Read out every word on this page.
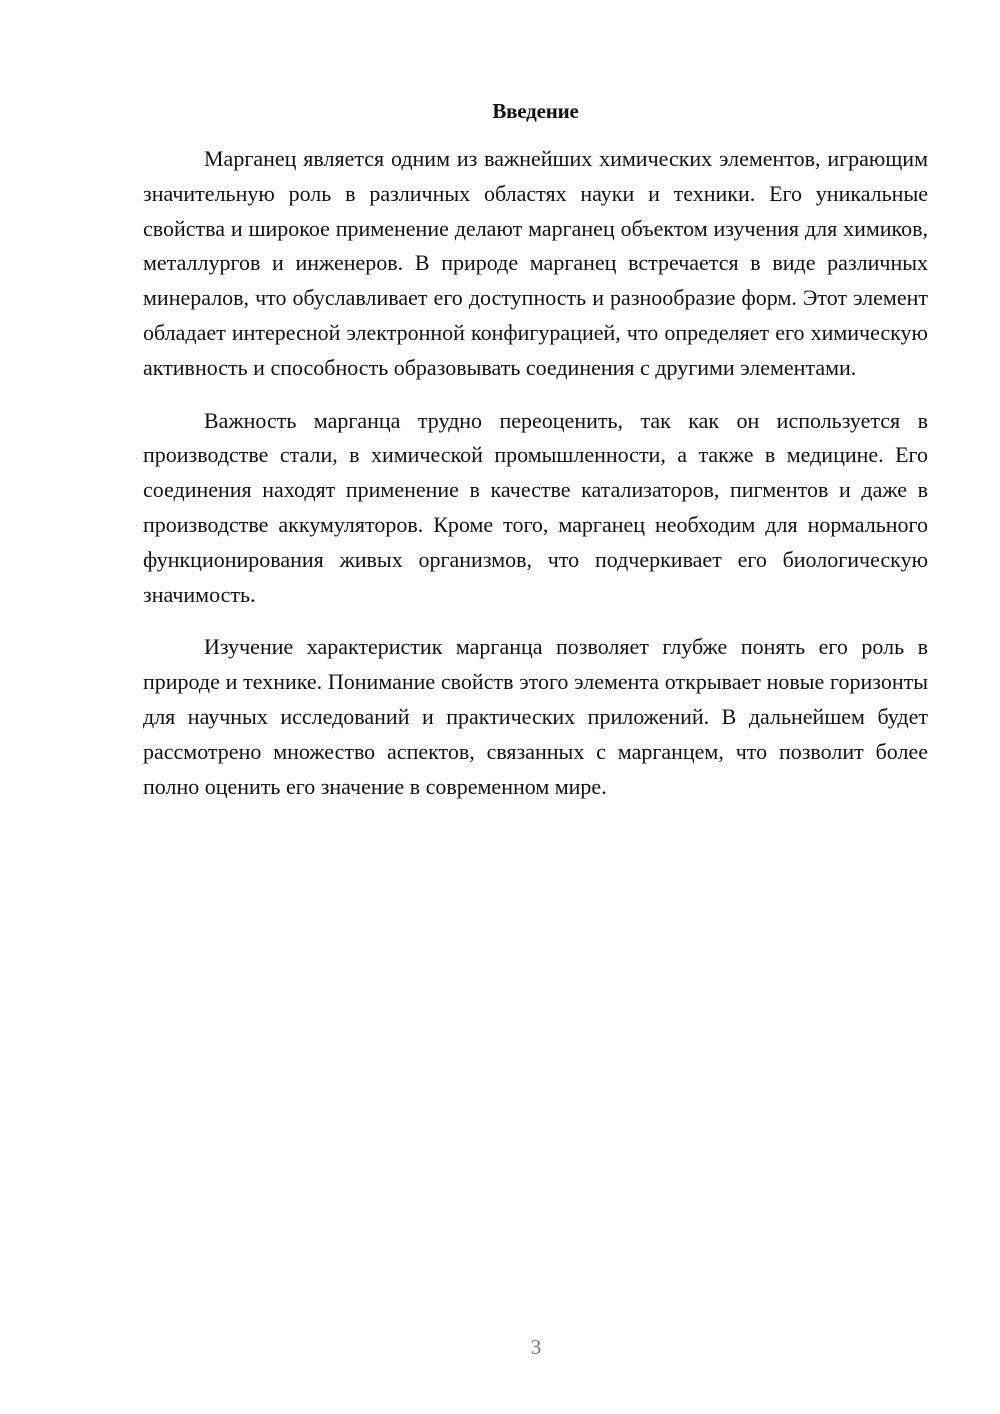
Введение

Марганец является одним из важнейших химических элементов, играющим значительную роль в различных областях науки и техники. Его уникальные свойства и широкое применение делают марганец объектом изучения для химиков, металлургов и инженеров. В природе марганец встречается в виде различных минералов, что обуславливает его доступность и разнообразие форм. Этот элемент обладает интересной электронной конфигурацией, что определяет его химическую активность и способность образовывать соединения с другими элементами.

Важность марганца трудно переоценить, так как он используется в производстве стали, в химической промышленности, а также в медицине. Его соединения находят применение в качестве катализаторов, пигментов и даже в производстве аккумуляторов. Кроме того, марганец необходим для нормального функционирования живых организмов, что подчеркивает его биологическую значимость.

Изучение характеристик марганца позволяет глубже понять его роль в природе и технике. Понимание свойств этого элемента открывает новые горизонты для научных исследований и практических приложений. В дальнейшем будет рассмотрено множество аспектов, связанных с марганцем, что позволит более полно оценить его значение в современном мире.

3
